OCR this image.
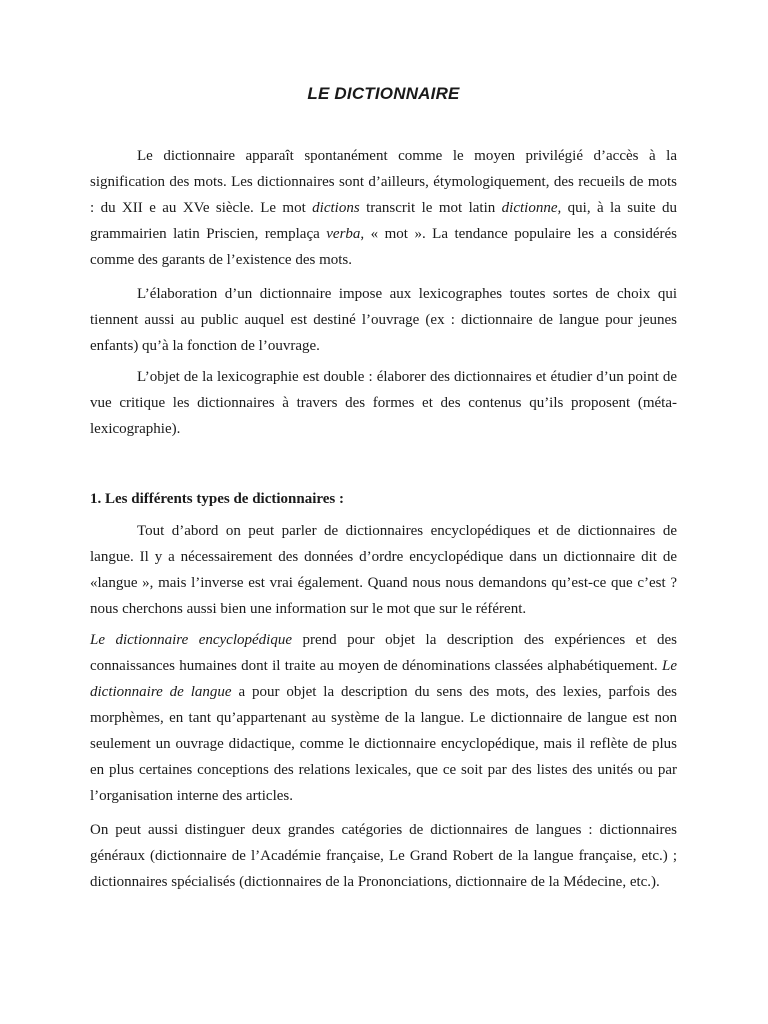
LE DICTIONNAIRE

Le dictionnaire apparaît spontanément comme le moyen privilégié d’accès à la signification des mots. Les dictionnaires sont d’ailleurs, étymologiquement, des recueils de mots : du XII e au XVe siècle. Le mot dictions transcrit le mot latin dictionne, qui, à la suite du grammairien latin Priscien, remplaça verba, « mot ». La tendance populaire les a considérés comme des garants de l’existence des mots.

L’élaboration d’un dictionnaire impose aux lexicographes toutes sortes de choix qui tiennent aussi au public auquel est destiné l’ouvrage (ex : dictionnaire de langue pour jeunes enfants) qu’à la fonction de l’ouvrage.

L’objet de la lexicographie est double : élaborer des dictionnaires et étudier d’un point de vue critique les dictionnaires à travers des formes et des contenus qu’ils proposent (méta-lexicographie).

1. Les différents types de dictionnaires :

Tout d’abord on peut parler de dictionnaires encyclopédiques et de dictionnaires de langue. Il y a nécessairement des données d’ordre encyclopédique dans un dictionnaire dit de «langue », mais l’inverse est vrai également. Quand nous nous demandons qu’est-ce que c’est ? nous cherchons aussi bien une information sur le mot que sur le référent.

Le dictionnaire encyclopédique prend pour objet la description des expériences et des connaissances humaines dont il traite au moyen de dénominations classées alphabétiquement. Le dictionnaire de langue a pour objet la description du sens des mots, des lexies, parfois des morphèmes, en tant qu’appartenant au système de la langue. Le dictionnaire de langue est non seulement un ouvrage didactique, comme le dictionnaire encyclopédique, mais il reflète de plus en plus certaines conceptions des relations lexicales, que ce soit par des listes des unités ou par l’organisation interne des articles.

On peut aussi distinguer deux grandes catégories de dictionnaires de langues : dictionnaires généraux (dictionnaire de l’Académie française, Le Grand Robert de la langue française, etc.) ; dictionnaires spécialisés (dictionnaires de la Prononciations, dictionnaire de la Médecine, etc.).
